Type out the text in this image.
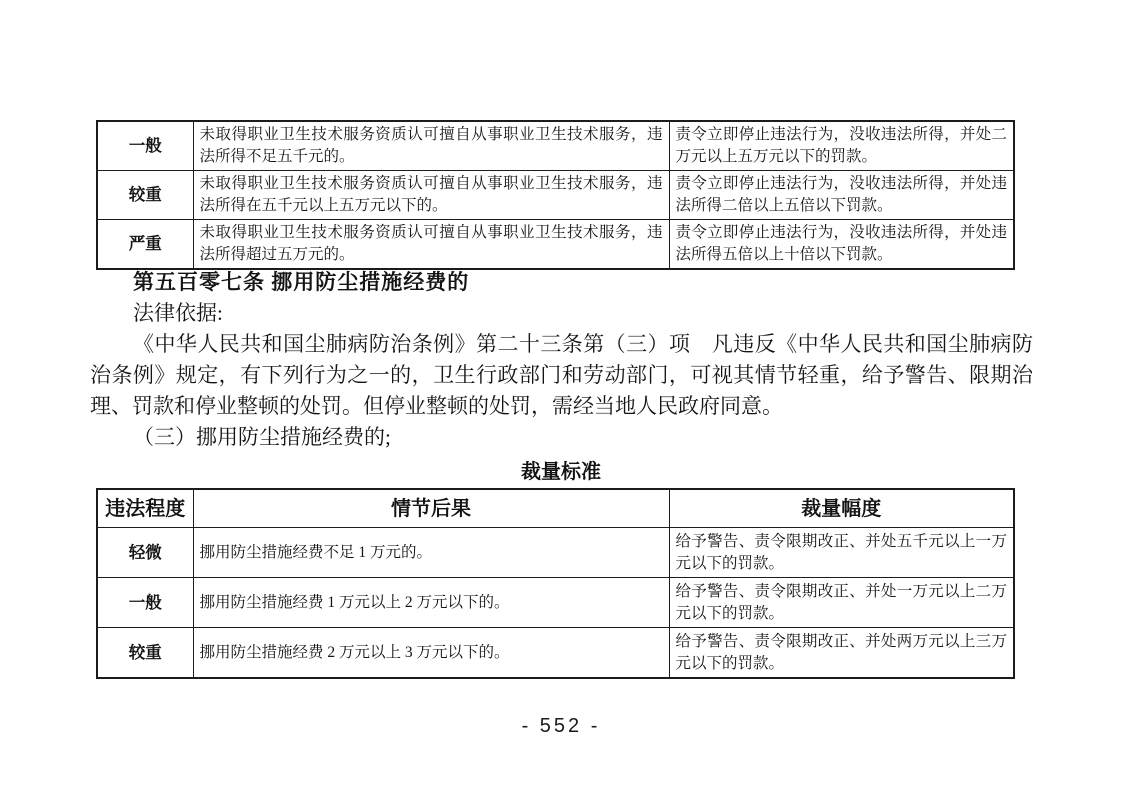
一般	未取得职业卫生技术服务资质认可擅自从事职业卫生技术服务，违法所得不足五千元的。	责令立即停止违法行为，没收违法所得，并处二万元以上五万元以下的罚款。
较重	未取得职业卫生技术服务资质认可擅自从事职业卫生技术服务，违法所得在五千元以上五万元以下的。	责令立即停止违法行为，没收违法所得，并处违法所得二倍以上五倍以下罚款。
严重	未取得职业卫生技术服务资质认可擅自从事职业卫生技术服务，违法所得超过五万元的。	责令立即停止违法行为，没收违法所得，并处违法所得五倍以上十倍以下罚款。

第五百零七条 挪用防尘措施经费的

法律依据:

《中华人民共和国尘肺病防治条例》第二十三条第（三）项　凡违反《中华人民共和国尘肺病防治条例》规定，有下列行为之一的，卫生行政部门和劳动部门，可视其情节轻重，给予警告、限期治理、罚款和停业整顿的处罚。但停业整顿的处罚，需经当地人民政府同意。

（三）挪用防尘措施经费的;

裁量标准
违法程度	情节后果	裁量幅度
轻微	挪用防尘措施经费不足 1 万元的。	给予警告、责令限期改正、并处五千元以上一万元以下的罚款。
一般	挪用防尘措施经费 1 万元以上 2 万元以下的。	给予警告、责令限期改正、并处一万元以上二万元以下的罚款。
较重	挪用防尘措施经费 2 万元以上 3 万元以下的。	给予警告、责令限期改正、并处两万元以上三万元以下的罚款。
- 552 -
